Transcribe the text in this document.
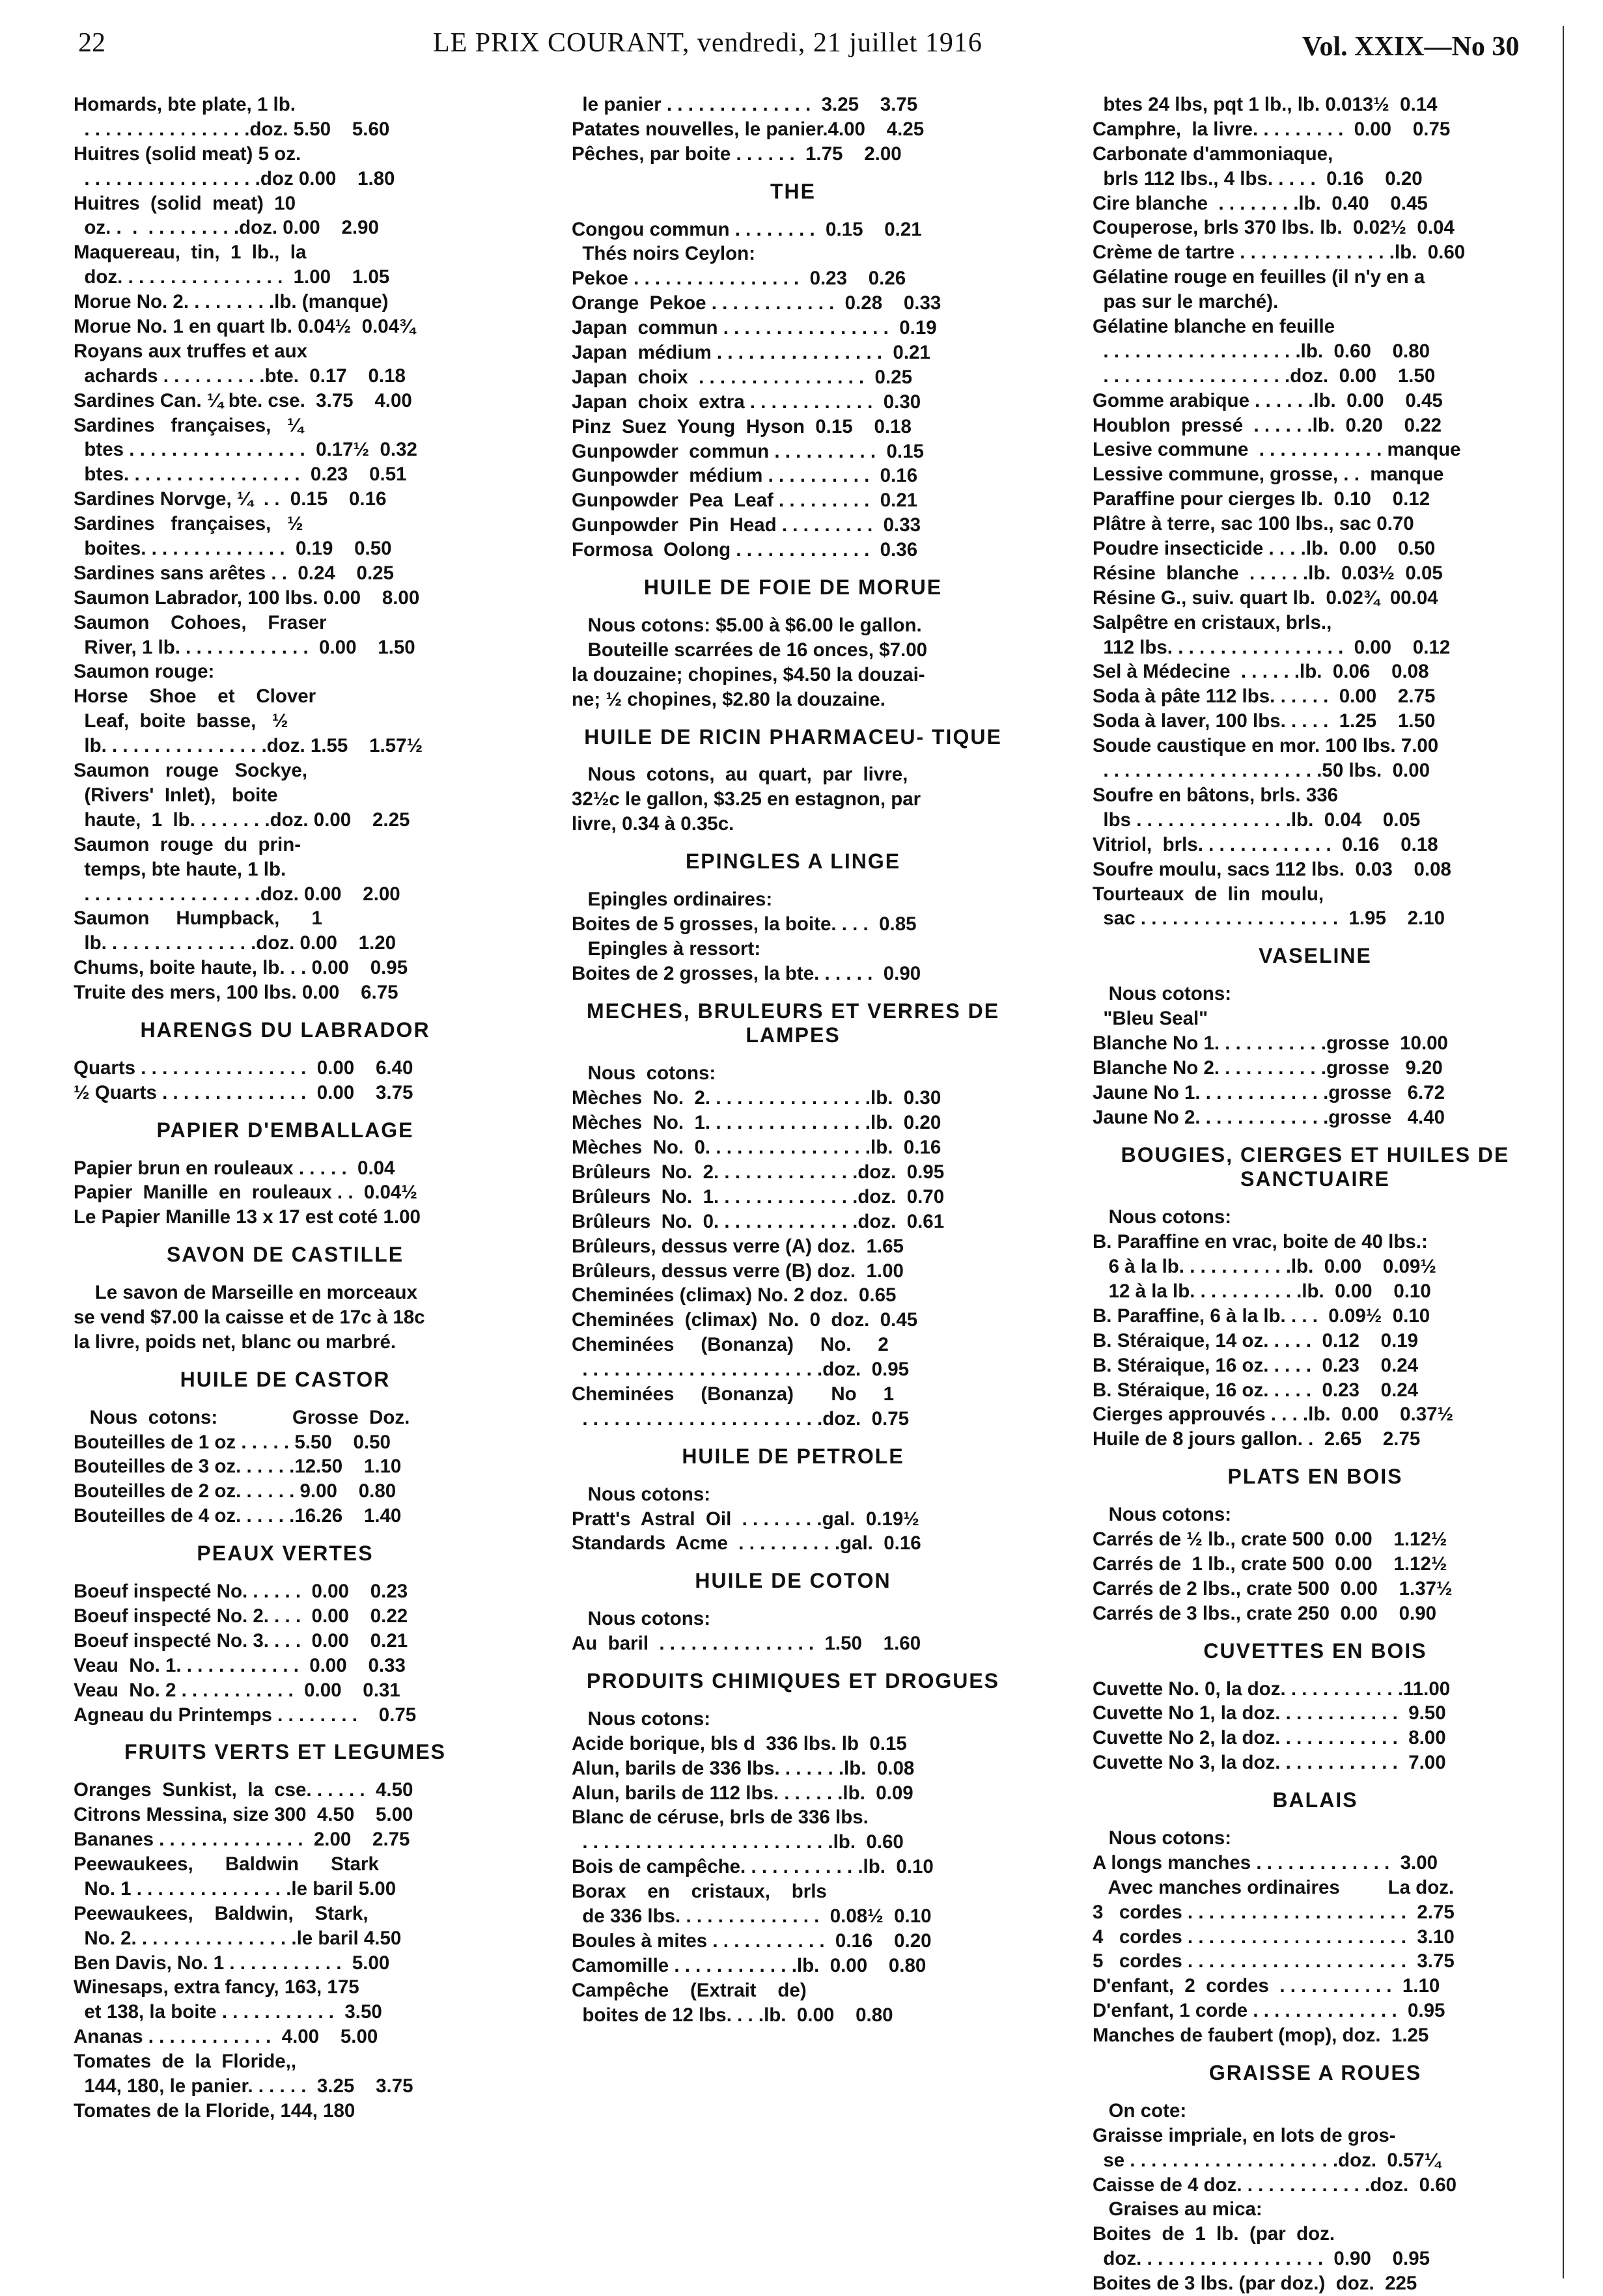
22	LE PRIX COURANT, vendredi, 21 juillet 1916	Vol. XXIX—No 30
Homards, bte plate, 1 lb.
. . . . . . . . . . . . . . . .doz. 5.50    5.60
Huitres (solid meat) 5 oz.
. . . . . . . . . . . . . . . . .doz 0.00    1.80
Huitres  (solid  meat)  10
oz. .  .  . . . . . . . . .doz. 0.00    2.90
Maquereau,  tin,  1  lb.,  la
doz. . . . . . . . . . . . . . . .  1.00    1.05
Morue No. 2. . . . . . . . .lb. (manque)
Morue No. 1 en quart lb. 0.04½  0.04¾
Royans aux truffes et aux
achards . . . . . . . . . .bte.  0.17    0.18
Sardines Can. ¼ bte. cse.  3.75    4.00
Sardines   françaises,   ¼
btes . . . . . . . . . . . . . . . . .  0.17½  0.32
btes. . . . . . . . . . . . . . . . .  0.23    0.51
Sardines Norvge, ¼  . .  0.15    0.16
Sardines   françaises,   ½
boites. . . . . . . . . . . . . .  0.19    0.50
Sardines sans arêtes . .  0.24    0.25
Saumon Labrador, 100 lbs. 0.00    8.00
Saumon    Cohoes,    Fraser
River, 1 lb. . . . . . . . . . . . .  0.00    1.50
Saumon rouge:
Horse    Shoe    et    Clover
Leaf,  boite  basse,   ½
lb. . . . . . . . . . . . . . . .doz. 1.55    1.57½
Saumon   rouge   Sockye,
(Rivers'  Inlet),   boite
haute,  1  lb. . . . . . . .doz. 0.00    2.25
Saumon  rouge  du  prin-
temps, bte haute, 1 lb.
. . . . . . . . . . . . . . . . .doz. 0.00    2.00
Saumon     Humpback,      1
lb. . . . . . . . . . . . . . .doz. 0.00    1.20
Chums, boite haute, lb. . . 0.00    0.95
Truite des mers, 100 lbs. 0.00    6.75
HARENGS DU LABRADOR
Quarts . . . . . . . . . . . . . . . .  0.00    6.40
½ Quarts . . . . . . . . . . . . . .  0.00    3.75
PAPIER D'EMBALLAGE
Papier brun en rouleaux . . . . .  0.04
Papier  Manille  en  rouleaux . .  0.04½
Le Papier Manille 13 x 17 est coté 1.00
SAVON DE CASTILLE
Le savon de Marseille en morceaux
se vend $7.00 la caisse et de 17c à 18c
la livre, poids net, blanc ou marbré.
HUILE DE CASTOR
Nous  cotons:              Grosse  Doz.
Bouteilles de 1 oz . . . . . 5.50    0.50
Bouteilles de 3 oz. . . . . .12.50    1.10
Bouteilles de 2 oz. . . . . . 9.00    0.80
Bouteilles de 4 oz. . . . . .16.26    1.40
PEAUX VERTES
Boeuf inspecté No. . . . . .  0.00    0.23
Boeuf inspecté No. 2. . . .  0.00    0.22
Boeuf inspecté No. 3. . . .  0.00    0.21
Veau  No. 1. . . . . . . . . . . .  0.00    0.33
Veau  No. 2 . . . . . . . . . . .  0.00    0.31
Agneau du Printemps . . . . . . . .    0.75
FRUITS VERTS ET LEGUMES
Oranges  Sunkist,  la  cse. . . . . .  4.50
Citrons Messina, size 300  4.50    5.00
Bananes . . . . . . . . . . . . . .  2.00    2.75
Peewaukees,      Baldwin      Stark
No. 1 . . . . . . . . . . . . . . .le baril 5.00
Peewaukees,    Baldwin,    Stark,
No. 2. . . . . . . . . . . . . . . .le baril 4.50
Ben Davis, No. 1 . . . . . . . . . . .  5.00
Winesaps, extra fancy, 163, 175
et 138, la boite . . . . . . . . . . .  3.50
Ananas . . . . . . . . . . . .  4.00    5.00
Tomates  de  la  Floride,,
144, 180, le panier. . . . . .  3.25    3.75
Tomates de la Floride, 144, 180
le panier . . . . . . . . . . . . . .  3.25    3.75
Patates nouvelles, le panier.4.00    4.25
Pêches, par boite . . . . . .  1.75    2.00
THE
Congou commun . . . . . . . .  0.15    0.21
Thés noirs Ceylon:
Pekoe . . . . . . . . . . . . . . . .  0.23    0.26
Orange  Pekoe . . . . . . . . . . . .  0.28    0.33
Japan  commun . . . . . . . . . . . . . . . .  0.19
Japan  médium . . . . . . . . . . . . . . . .  0.21
Japan  choix  . . . . . . . . . . . . . . . .  0.25
Japan  choix  extra . . . . . . . . . . . .  0.30
Pinz  Suez  Young  Hyson  0.15    0.18
Gunpowder  commun . . . . . . . . . .  0.15
Gunpowder  médium . . . . . . . . . .  0.16
Gunpowder  Pea  Leaf . . . . . . . . .  0.21
Gunpowder  Pin  Head . . . . . . . . .  0.33
Formosa  Oolong . . . . . . . . . . . . .  0.36
HUILE DE FOIE DE MORUE
Nous cotons: $5.00 à $6.00 le gallon.
Bouteille scarrées de 16 onces, $7.00
la douzaine; chopines, $4.50 la douzai-
ne; ½ chopines, $2.80 la douzaine.
HUILE DE RICIN PHARMACEU- TIQUE
Nous  cotons,  au  quart,  par  livre,
32½c le gallon, $3.25 en estagnon, par
livre, 0.34 à 0.35c.
EPINGLES A LINGE
Epingles ordinaires:
Boites de 5 grosses, la boite. . . .  0.85
Epingles à ressort:
Boites de 2 grosses, la bte. . . . . .  0.90
MECHES, BRULEURS ET VERRES DE LAMPES
Nous  cotons:
Mèches  No.  2. . . . . . . . . . . . . . . .lb.  0.30
Mèches  No.  1. . . . . . . . . . . . . . . .lb.  0.20
Mèches  No.  0. . . . . . . . . . . . . . . .lb.  0.16
Brûleurs  No.  2. . . . . . . . . . . . . .doz.  0.95
Brûleurs  No.  1. . . . . . . . . . . . . .doz.  0.70
Brûleurs  No.  0. . . . . . . . . . . . . .doz.  0.61
Brûleurs, dessus verre (A) doz.  1.65
Brûleurs, dessus verre (B) doz.  1.00
Cheminées (climax) No. 2 doz.  0.65
Cheminées  (climax)  No.  0  doz.  0.45
Cheminées     (Bonanza)     No.     2
. . . . . . . . . . . . . . . . . . . . . . .doz.  0.95
Cheminées     (Bonanza)       No     1
. . . . . . . . . . . . . . . . . . . . . . .doz.  0.75
HUILE DE PETROLE
Nous cotons:
Pratt's  Astral  Oil  . . . . . . . .gal.  0.19½
Standards  Acme  . . . . . . . . . .gal.  0.16
HUILE DE COTON
Nous cotons:
Au  baril  . . . . . . . . . . . . . . .  1.50    1.60
PRODUITS CHIMIQUES ET DROGUES
Nous cotons:
Acide borique, bls d  336 lbs. lb  0.15
Alun, barils de 336 lbs. . . . . . .lb.  0.08
Alun, barils de 112 lbs. . . . . . .lb.  0.09
Blanc de céruse, brls de 336 lbs.
. . . . . . . . . . . . . . . . . . . . . . . .lb.  0.60
Bois de campêche. . . . . . . . . . . .lb.  0.10
Borax    en    cristaux,    brls
de 336 lbs. . . . . . . . . . . . . .  0.08½  0.10
Boules à mites . . . . . . . . . . .  0.16    0.20
Camomille . . . . . . . . . . . .lb.  0.00    0.80
Campêche    (Extrait    de)
boites de 12 lbs. . . .lb.  0.00    0.80
btes 24 lbs, pqt 1 lb., lb. 0.013½  0.14
Camphre,  la livre. . . . . . . . .  0.00    0.75
Carbonate d'ammoniaque,
brls 112 lbs., 4 lbs. . . . .  0.16    0.20
Cire blanche  . . . . . . . .lb.  0.40    0.45
Couperose, brls 370 lbs. lb.  0.02½  0.04
Crème de tartre . . . . . . . . . . . . . . .lb.  0.60
Gélatine rouge en feuilles (il n'y en a
pas sur le marché).
Gélatine blanche en feuille
. . . . . . . . . . . . . . . . . . .lb.  0.60    0.80
. . . . . . . . . . . . . . . . . .doz.  0.00    1.50
Gomme arabique . . . . . .lb.  0.00    0.45
Houblon  pressé  . . . . . .lb.  0.20    0.22
Lesive commune  . . . . . . . . . . . . manque
Lessive commune, grosse, . .  manque
Paraffine pour cierges lb.  0.10    0.12
Plâtre à terre, sac 100 lbs., sac 0.70
Poudre insecticide . . . .lb.  0.00    0.50
Résine  blanche  . . . . . .lb.  0.03½  0.05
Résine G., suiv. quart lb.  0.02¾  00.04
Salpêtre en cristaux, brls.,
112 lbs. . . . . . . . . . . . . . . . .  0.00    0.12
Sel à Médecine  . . . . . .lb.  0.06    0.08
Soda à pâte 112 lbs. . . . . .  0.00    2.75
Soda à laver, 100 lbs. . . . .  1.25    1.50
Soude caustique en mor. 100 lbs. 7.00
. . . . . . . . . . . . . . . . . . . . .50 lbs.  0.00
Soufre en bâtons, brls. 336
lbs . . . . . . . . . . . . . . .lb.  0.04    0.05
Vitriol,  brls. . . . . . . . . . . . .  0.16    0.18
Soufre moulu, sacs 112 lbs.  0.03    0.08
Tourteaux  de  lin  moulu,
sac . . . . . . . . . . . . . . . . . . .  1.95    2.10
VASELINE
Nous cotons:
"Bleu Seal"
Blanche No 1. . . . . . . . . . .grosse  10.00
Blanche No 2. . . . . . . . . . .grosse   9.20
Jaune No 1. . . . . . . . . . . . .grosse   6.72
Jaune No 2. . . . . . . . . . . . .grosse   4.40
BOUGIES, CIERGES ET HUILES DE SANCTUAIRE
Nous cotons:
B. Paraffine en vrac, boite de 40 lbs.:
6 à la lb. . . . . . . . . . .lb.  0.00    0.09½
12 à la lb. . . . . . . . . . .lb.  0.00    0.10
B. Paraffine, 6 à la lb. . . .  0.09½  0.10
B. Stéraique, 14 oz. . . . .  0.12    0.19
B. Stéraique, 16 oz. . . . .  0.23    0.24
B. Stéraique, 16 oz. . . . .  0.23    0.24
Cierges approuvés . . . .lb.  0.00    0.37½
Huile de 8 jours gallon. .  2.65    2.75
PLATS EN BOIS
Nous cotons:
Carrés de ½ lb., crate 500  0.00    1.12½
Carrés de  1 lb., crate 500  0.00    1.12½
Carrés de 2 lbs., crate 500  0.00    1.37½
Carrés de 3 lbs., crate 250  0.00    0.90
CUVETTES EN BOIS
Cuvette No. 0, la doz. . . . . . . . . . . .11.00
Cuvette No 1, la doz. . . . . . . . . . . .  9.50
Cuvette No 2, la doz. . . . . . . . . . . .  8.00
Cuvette No 3, la doz. . . . . . . . . . . .  7.00
BALAIS
Nous cotons:
A longs manches . . . . . . . . . . . . .  3.00
Avec manches ordinaires         La doz.
3   cordes . . . . . . . . . . . . . . . . . . . . .  2.75
4   cordes . . . . . . . . . . . . . . . . . . . . .  3.10
5   cordes . . . . . . . . . . . . . . . . . . . . .  3.75
D'enfant,  2  cordes  . . . . . . . . . . .  1.10
D'enfant, 1 corde . . . . . . . . . . . . . .  0.95
Manches de faubert (mop), doz.  1.25
GRAISSE A ROUES
On cote:
Graisse impriale, en lots de gros-
se . . . . . . . . . . . . . . . . . . . .doz.  0.57¼
Caisse de 4 doz. . . . . . . . . . . . .doz.  0.60
Graises au mica:
Boites  de  1  lb.  (par  doz.
doz. . . . . . . . . . . . . . . . . .  0.90    0.95
Boites de 3 lbs. (par doz.)  doz.  225
